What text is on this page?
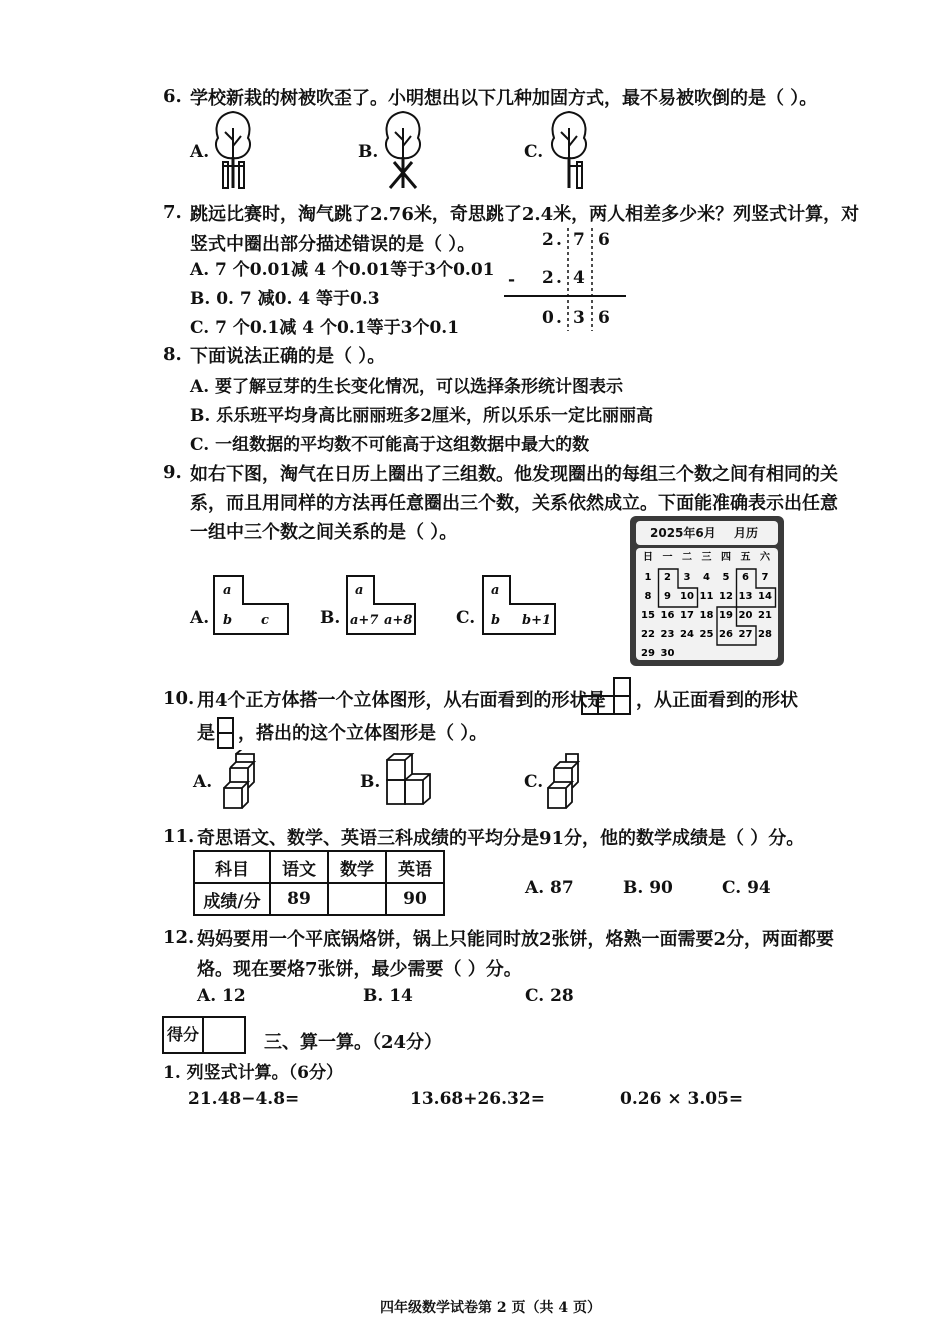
6. 学校新栽的树被吹歪了。小明想出以下几种加固方式，最不易被吹倒的是（ ）。
A.	B.	C.
7. 跳远比赛时，淘气跳了2.76米，奇思跳了2.4米，两人相差多少米？列竖式计算，对
竖式中圈出部分描述错误的是（ ）。
A. 7 个0.01减 4 个0.01等于3个0.01
B. 0. 7 减0. 4 等于0.3
C. 7 个0.1减 4 个0.1等于3个0.1
2 . 7 6
- 2 . 4
0 . 3 6
8. 下面说法正确的是（ ）。
A. 要了解豆芽的生长变化情况，可以选择条形统计图表示
B. 乐乐班平均身高比丽丽班多2厘米，所以乐乐一定比丽丽高
C. 一组数据的平均数不可能高于这组数据中最大的数
9. 如右下图，淘气在日历上圈出了三组数。他发现圈出的每组三个数之间有相同的关
系，而且用同样的方法再任意圈出三个数，关系依然成立。下面能准确表示出任意
一组中三个数之间关系的是（ ）。
A.
a
b c	B.
a
a+7 a+8	C.
a
b b+1
2025年6月 月历
日 一 二 三 四 五 六
1 2 3 4 5 6 7
8 9 10 11 12 13 14
15 16 17 18 19 20 21
22 23 24 25 26 27 28
29 30
10. 用4个正方体搭一个立体图形，从右面看到的形状是 ，从正面看到的形状
是 ，搭出的这个立体图形是（ ）。
A.	B.	C.
11. 奇思语文、数学、英语三科成绩的平均分是91分，他的数学成绩是（ ）分。
科目	语文	数学	英语
成绩/分	89		90
A. 87	B. 90	C. 94
12. 妈妈要用一个平底锅烙饼，锅上只能同时放2张饼，烙熟一面需要2分，两面都要
烙。现在要烙7张饼，最少需要（ ）分。
A. 12	B. 14	C. 28
得分	三、算一算。（24分）
1. 列竖式计算。（6分）
21.48−4.8=	13.68+26.32=	0.26 × 3.05=
四年级数学试卷第 2 页（共 4 页）
